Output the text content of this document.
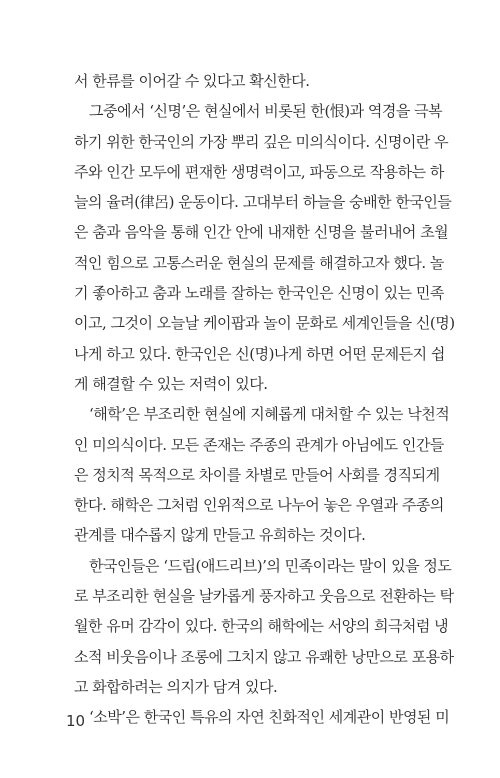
서 한류를 이어갈 수 있다고 확신한다.
그중에서 ‘신명’은 현실에서 비롯된 한(恨)과 역경을 극복
하기 위한 한국인의 가장 뿌리 깊은 미의식이다. 신명이란 우
주와 인간 모두에 편재한 생명력이고, 파동으로 작용하는 하
늘의 율려(律呂) 운동이다. 고대부터 하늘을 숭배한 한국인들
은 춤과 음악을 통해 인간 안에 내재한 신명을 불러내어 초월
적인 힘으로 고통스러운 현실의 문제를 해결하고자 했다. 놀
기 좋아하고 춤과 노래를 잘하는 한국인은 신명이 있는 민족
이고, 그것이 오늘날 케이팝과 놀이 문화로 세계인들을 신(명)
나게 하고 있다. 한국인은 신(명)나게 하면 어떤 문제든지 쉽
게 해결할 수 있는 저력이 있다.
‘해학’은 부조리한 현실에 지혜롭게 대처할 수 있는 낙천적
인 미의식이다. 모든 존재는 주종의 관계가 아님에도 인간들
은 정치적 목적으로 차이를 차별로 만들어 사회를 경직되게
한다. 해학은 그처럼 인위적으로 나누어 놓은 우열과 주종의
관계를 대수롭지 않게 만들고 유희하는 것이다.
한국인들은 ‘드립(애드리브)’의 민족이라는 말이 있을 정도
로 부조리한 현실을 날카롭게 풍자하고 웃음으로 전환하는 탁
월한 유머 감각이 있다. 한국의 해학에는 서양의 희극처럼 냉
소적 비웃음이나 조롱에 그치지 않고 유쾌한 낭만으로 포용하
고 화합하려는 의지가 담겨 있다.
‘소박’은 한국인 특유의 자연 친화적인 세계관이 반영된 미
10
